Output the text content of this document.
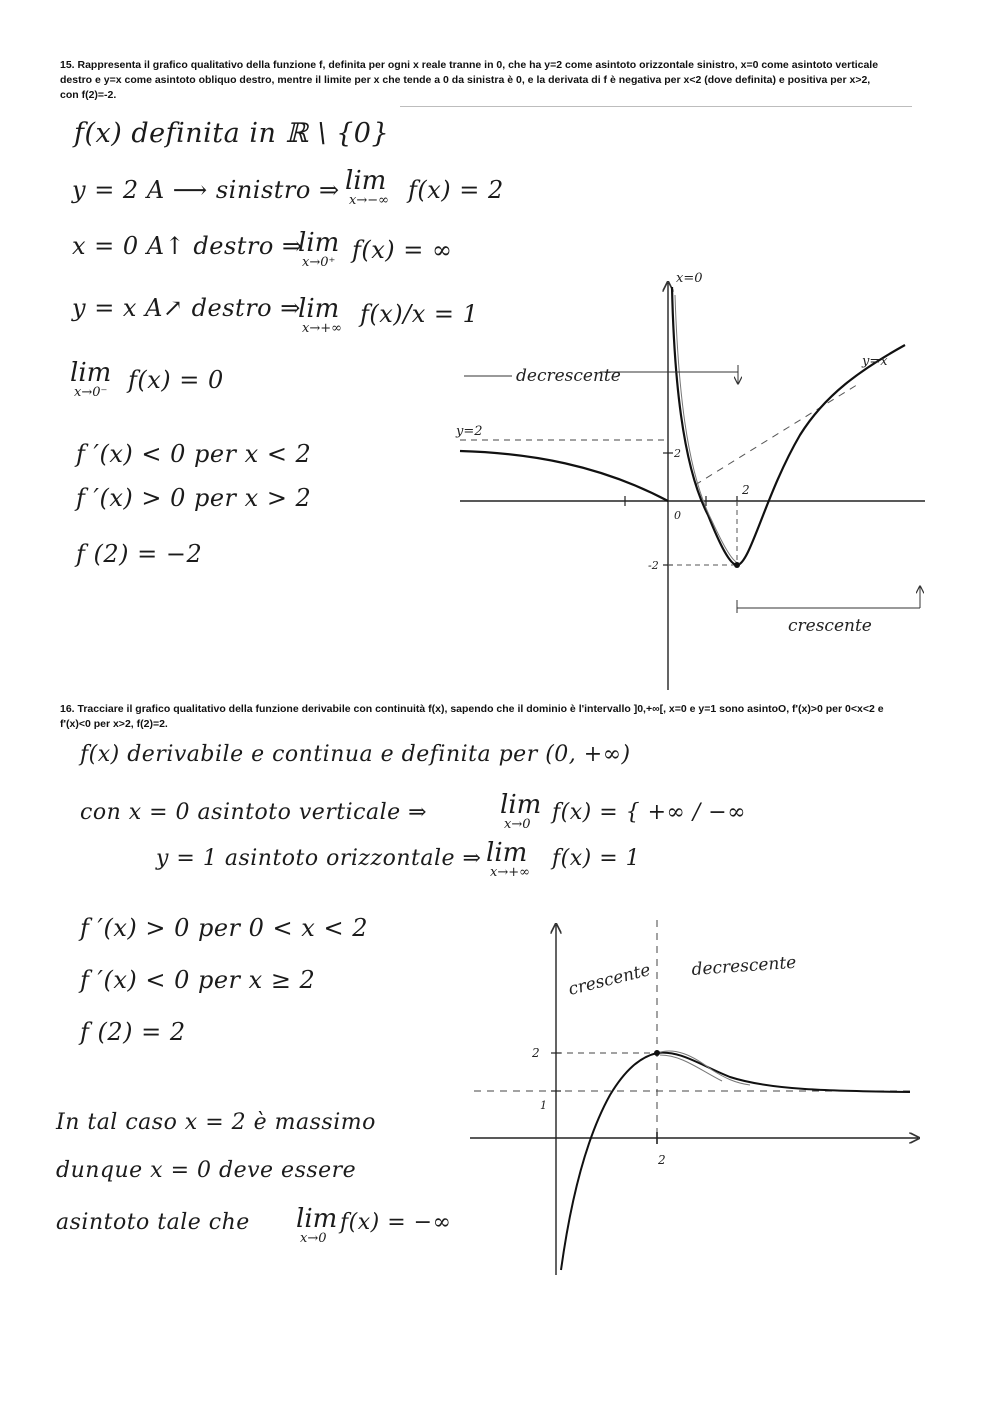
15. Rappresenta il grafico qualitativo della funzione f, definita per ogni x reale tranne in 0, che ha y=2 come asintoto orizzontale sinistro, x=0 come asintoto verticale destro e y=x come asintoto obliquo destro, mentre il limite per x che tende a 0 da sinistra è 0, e la derivata di f è negativa per x<2 (dove definita) e positiva per x>2, con f(2)=-2.
f(x) definita in ℝ \ {0}
y = 2 A ⟶ sinistro ⇒ lim
x→−∞ f(x) = 2
x = 0 A↑ destro ⇒
lim
x→0⁺ f(x) = ∞
y = x A↗ destro ⇒
lim
x→+∞
f(x)/x = 1
lim
x→0⁻ f(x) = 0
f ′(x) < 0 per x < 2
f ′(x) > 0 per x > 2
f (2) = −2
x=0
y=x
y=2
decrescente
crescente
2
2
0
-2
16. Tracciare il grafico qualitativo della funzione derivabile con continuità f(x), sapendo che il dominio è l'intervallo ]0,+∞[, x=0 e y=1 sono asintoO, f'(x)>0 per 0<x<2 e f'(x)<0 per x>2, f(2)=2.
f(x) derivabile e continua e definita per (0, +∞)
con x = 0 asintoto verticale ⇒	lim
x→0 f(x) = { +∞ / −∞
y = 1 asintoto orizzontale ⇒ lim
x→+∞
f(x) = 1
f ′(x) > 0 per 0 < x < 2
f ′(x) < 0 per x ≥ 2
f (2) = 2
In tal caso x = 2 è massimo
dunque x = 0 deve essere
asintoto tale che lim
x→0
f(x) = −∞
crescente decrescente
2
1
2
